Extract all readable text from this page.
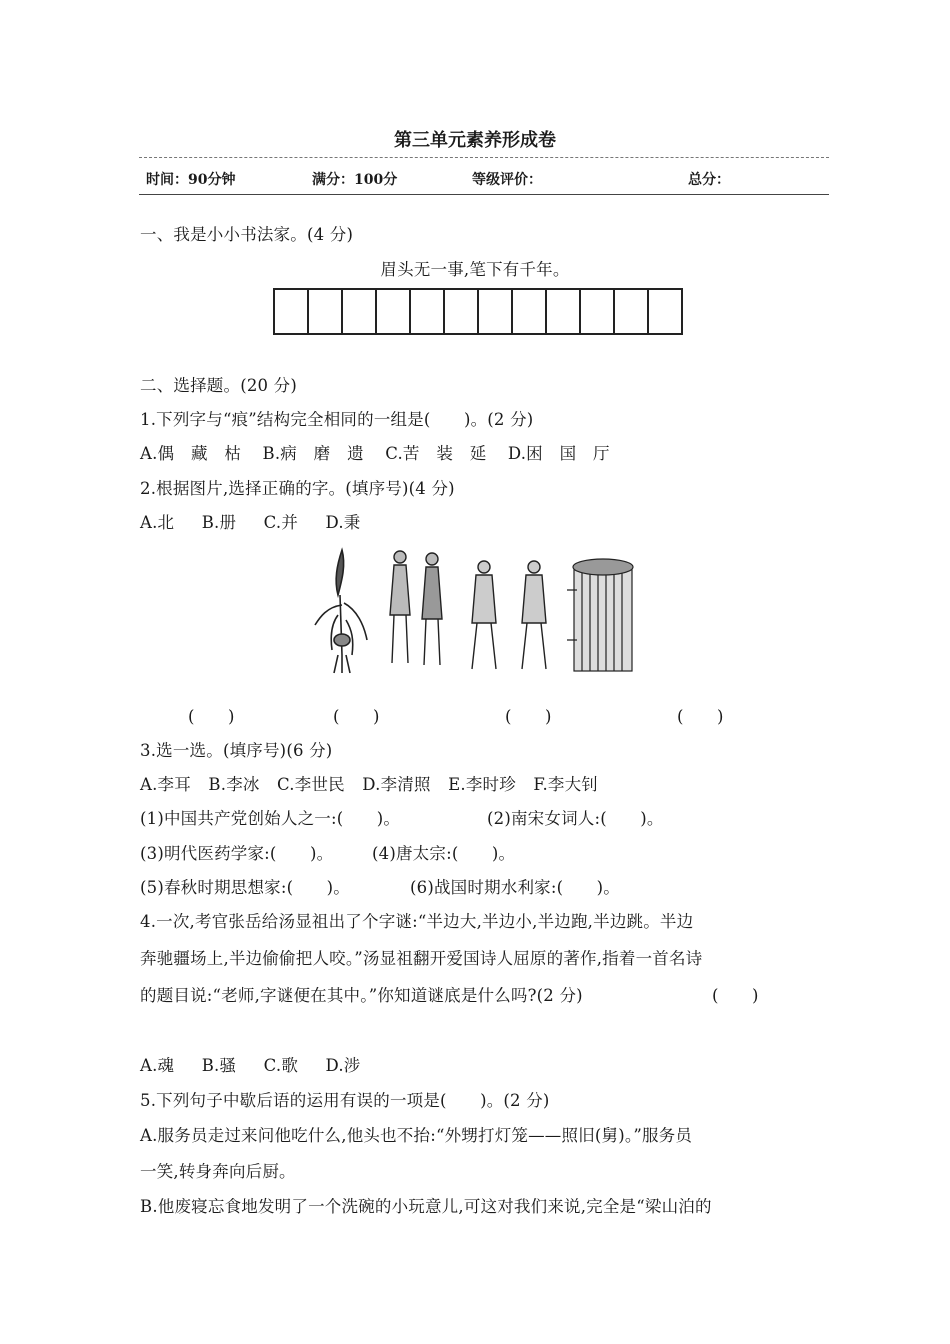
第三单元素养形成卷
时间：90分钟	满分：100分	等级评价：	总分：
一、我是小小书法家。(4 分)
眉头无一事,笔下有千年。
二、选择题。(20 分)
1.下列字与“痕”结构完全相同的一组是(　　)。(2 分)
A.偶　藏　枯 B.病　磨　遗 C.苦　装　延 D.困　国　厅
2.根据图片,选择正确的字。(填序号)(4 分)
A.北 B.册 C.并 D.秉
(　　)	(　　)	(　　)	(　　)
3.选一选。(填序号)(6 分)
A.李耳 B.李冰 C.李世民 D.李清照 E.李时珍 F.李大钊
(1)中国共产党创始人之一:(　　)。	(2)南宋女词人:(　　)。
(3)明代医药学家:(　　)。 (4)唐太宗:(　　)。
(5)春秋时期思想家:(　　)。	(6)战国时期水利家:(　　)。
4.一次,考官张岳给汤显祖出了个字谜:“半边大,半边小,半边跑,半边跳。半边
奔驰疆场上,半边偷偷把人咬。”汤显祖翻开爱国诗人屈原的著作,指着一首名诗
的题目说:“老师,字谜便在其中。”你知道谜底是什么吗?(2 分)	(　　)
A.魂 B.骚 C.歌 D.涉
5.下列句子中歇后语的运用有误的一项是(　　)。(2 分)
A.服务员走过来问他吃什么,他头也不抬:“外甥打灯笼——照旧(舅)。”服务员
一笑,转身奔向后厨。
B.他废寝忘食地发明了一个洗碗的小玩意儿,可这对我们来说,完全是“梁山泊的
